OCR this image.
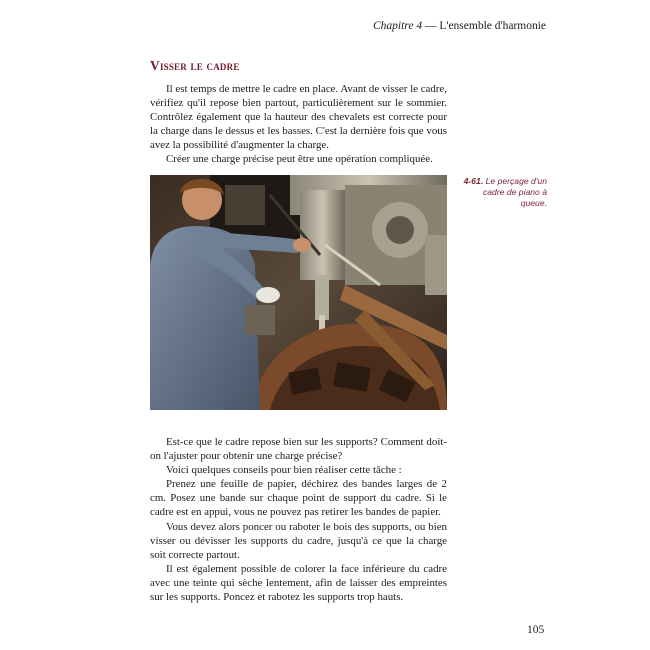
Chapitre 4 — L'ensemble d'harmonie
Visser le cadre

Il est temps de mettre le cadre en place. Avant de visser le cadre, vérifiez qu'il repose bien partout, particulièrement sur le sommier. Contrôlez également que la hauteur des chevalets est correcte pour la charge dans le dessus et les basses. C'est la dernière fois que vous avez la possibilité d'augmenter la charge.

Créer une charge précise peut être une opération compliquée.

4-61. Le perçage d'un cadre de piano à queue.

Est-ce que le cadre repose bien sur les supports? Comment doit-on l'ajuster pour obtenir une charge précise?

Voici quelques conseils pour bien réaliser cette tâche :

Prenez une feuille de papier, déchirez des bandes larges de 2 cm. Posez une bande sur chaque point de support du cadre. Si le cadre est en appui, vous ne pouvez pas retirer les bandes de papier.

Vous devez alors poncer ou raboter le bois des supports, ou bien visser ou dévisser les supports du cadre, jusqu'à ce que la charge soit correcte partout.

Il est également possible de colorer la face inférieure du cadre avec une teinte qui sèche lentement, afin de laisser des empreintes sur les supports. Poncez et rabotez les supports trop hauts.

105
